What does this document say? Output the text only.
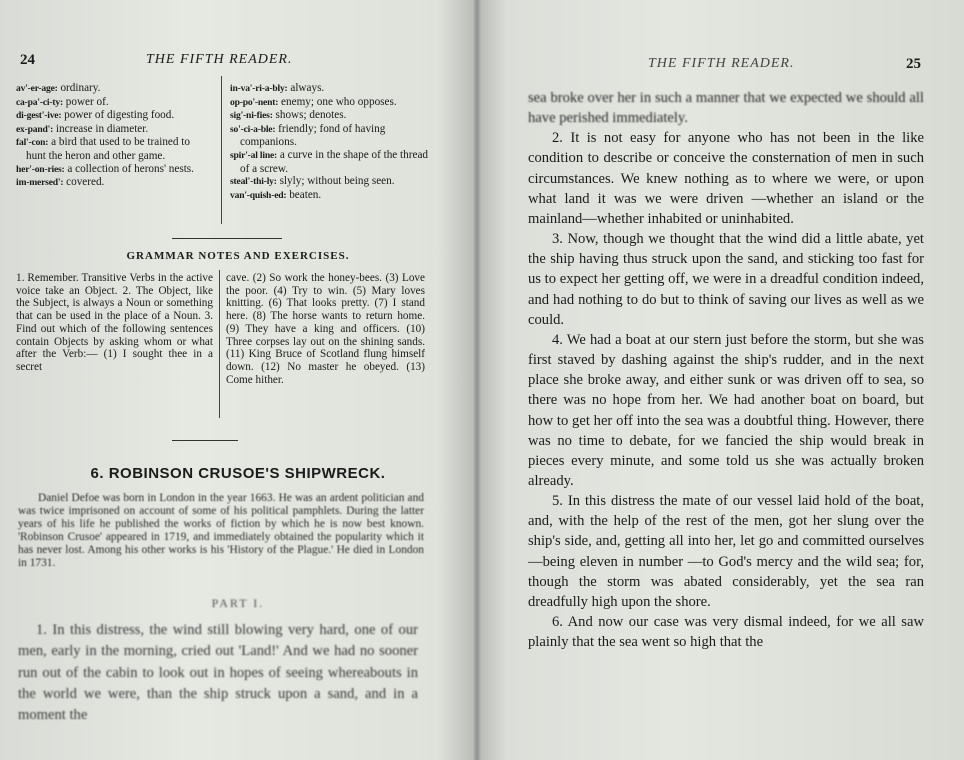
24	THE FIFTH READER.
av'-er-age: ordinary.
ca-pa'-ci-ty: power of.
di-gest'-ive: power of digesting food.
ex-pand': increase in diameter.
fal'-con: a bird that used to be trained to hunt the heron and other game.
her'-on-ries: a collection of herons' nests.
im-mersed': covered.
in-va'-ri-a-bly: always.
op-po'-nent: enemy; one who opposes.
sig'-ni-fies: shows; denotes.
so'-ci-a-ble: friendly; fond of having companions.
spir'-al line: a curve in the shape of the thread of a screw.
steal'-thi-ly: slyly; without being seen.
van'-quish-ed: beaten.
GRAMMAR NOTES AND EXERCISES.
1. Remember. Transitive Verbs in the active voice take an Object. 2. The Object, like the Subject, is always a Noun or something that can be used in the place of a Noun. 3. Find out which of the following sentences contain Objects by asking whom or what after the Verb:— (1) I sought thee in a secret
cave. (2) So work the honey-bees. (3) Love the poor. (4) Try to win. (5) Mary loves knitting. (6) That looks pretty. (7) I stand here. (8) The horse wants to return home. (9) They have a king and officers. (10) Three corpses lay out on the shining sands. (11) King Bruce of Scotland flung himself down. (12) No master he obeyed. (13) Come hither.
6. ROBINSON CRUSOE'S SHIPWRECK.
Daniel Defoe was born in London in the year 1663. He was an ardent politician and was twice imprisoned on account of some of his political pamphlets. During the latter years of his life he published the works of fiction by which he is now best known. 'Robinson Crusoe' appeared in 1719, and immediately obtained the popularity which it has never lost. Among his other works is his 'History of the Plague.' He died in London in 1731.
PART I.
1. In this distress, the wind still blowing very hard, one of our men, early in the morning, cried out 'Land!' And we had no sooner run out of the cabin to look out in hopes of seeing whereabouts in the world we were, than the ship struck upon a sand, and in a moment the
THE FIFTH READER.	25

sea broke over her in such a manner that we expected we should all have perished immediately.

2. It is not easy for anyone who has not been in the like condition to describe or conceive the consternation of men in such circumstances. We knew nothing as to where we were, or upon what land it was we were driven —whether an island or the mainland—whether inhabited or uninhabited.

3. Now, though we thought that the wind did a little abate, yet the ship having thus struck upon the sand, and sticking too fast for us to expect her getting off, we were in a dreadful condition indeed, and had nothing to do but to think of saving our lives as well as we could.

4. We had a boat at our stern just before the storm, but she was first staved by dashing against the ship's rudder, and in the next place she broke away, and either sunk or was driven off to sea, so there was no hope from her. We had another boat on board, but how to get her off into the sea was a doubtful thing. However, there was no time to debate, for we fancied the ship would break in pieces every minute, and some told us she was actually broken already.

5. In this distress the mate of our vessel laid hold of the boat, and, with the help of the rest of the men, got her slung over the ship's side, and, getting all into her, let go and committed ourselves—being eleven in number —to God's mercy and the wild sea; for, though the storm was abated considerably, yet the sea ran dreadfully high upon the shore.

6. And now our case was very dismal indeed, for we all saw plainly that the sea went so high that the
